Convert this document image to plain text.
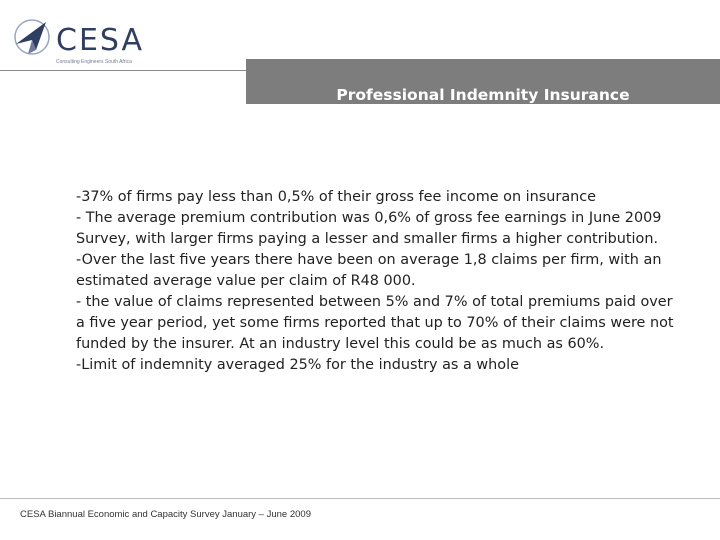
CESA
Consulting Engineers South Africa
Professional Indemnity Insurance

-37% of firms pay less than 0,5% of their gross fee income on insurance

- The average premium contribution was 0,6% of gross fee earnings in June 2009

Survey, with larger firms paying a lesser and smaller firms a higher contribution.

-Over the last five years there have been on average 1,8 claims per firm, with an

estimated average value per claim of R48 000.

- the value of claims represented between 5% and 7% of total premiums paid over

a five year period, yet some firms reported that up to 70% of their claims were not

funded by the insurer. At an industry level this could be as much as 60%.

-Limit of indemnity averaged 25% for the industry as a whole

CESA Biannual Economic and Capacity Survey January – June 2009
